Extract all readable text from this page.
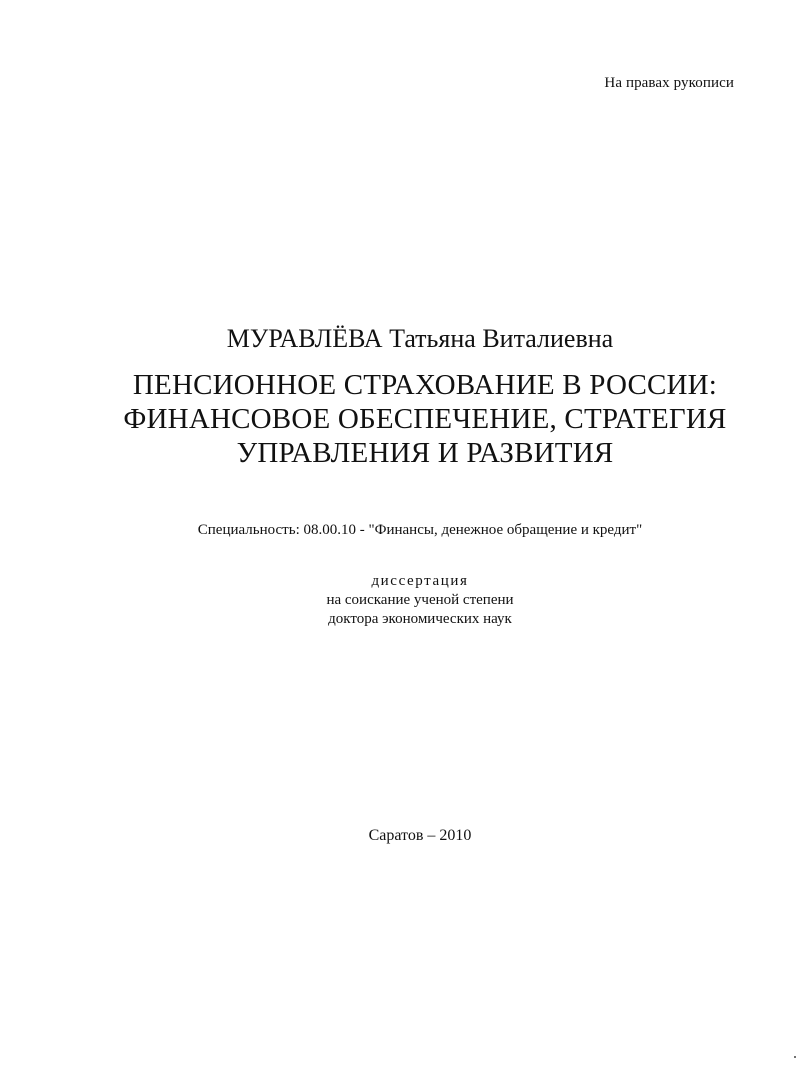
На правах рукописи
МУРАВЛЁВА Татьяна Виталиевна
ПЕНСИОННОЕ СТРАХОВАНИЕ В РОССИИ:
ФИНАНСОВОЕ ОБЕСПЕЧЕНИЕ, СТРАТЕГИЯ
УПРАВЛЕНИЯ И РАЗВИТИЯ
Специальность: 08.00.10 - "Финансы, денежное обращение и кредит"
диссертация
на соискание ученой степени
доктора экономических наук
Саратов – 2010
